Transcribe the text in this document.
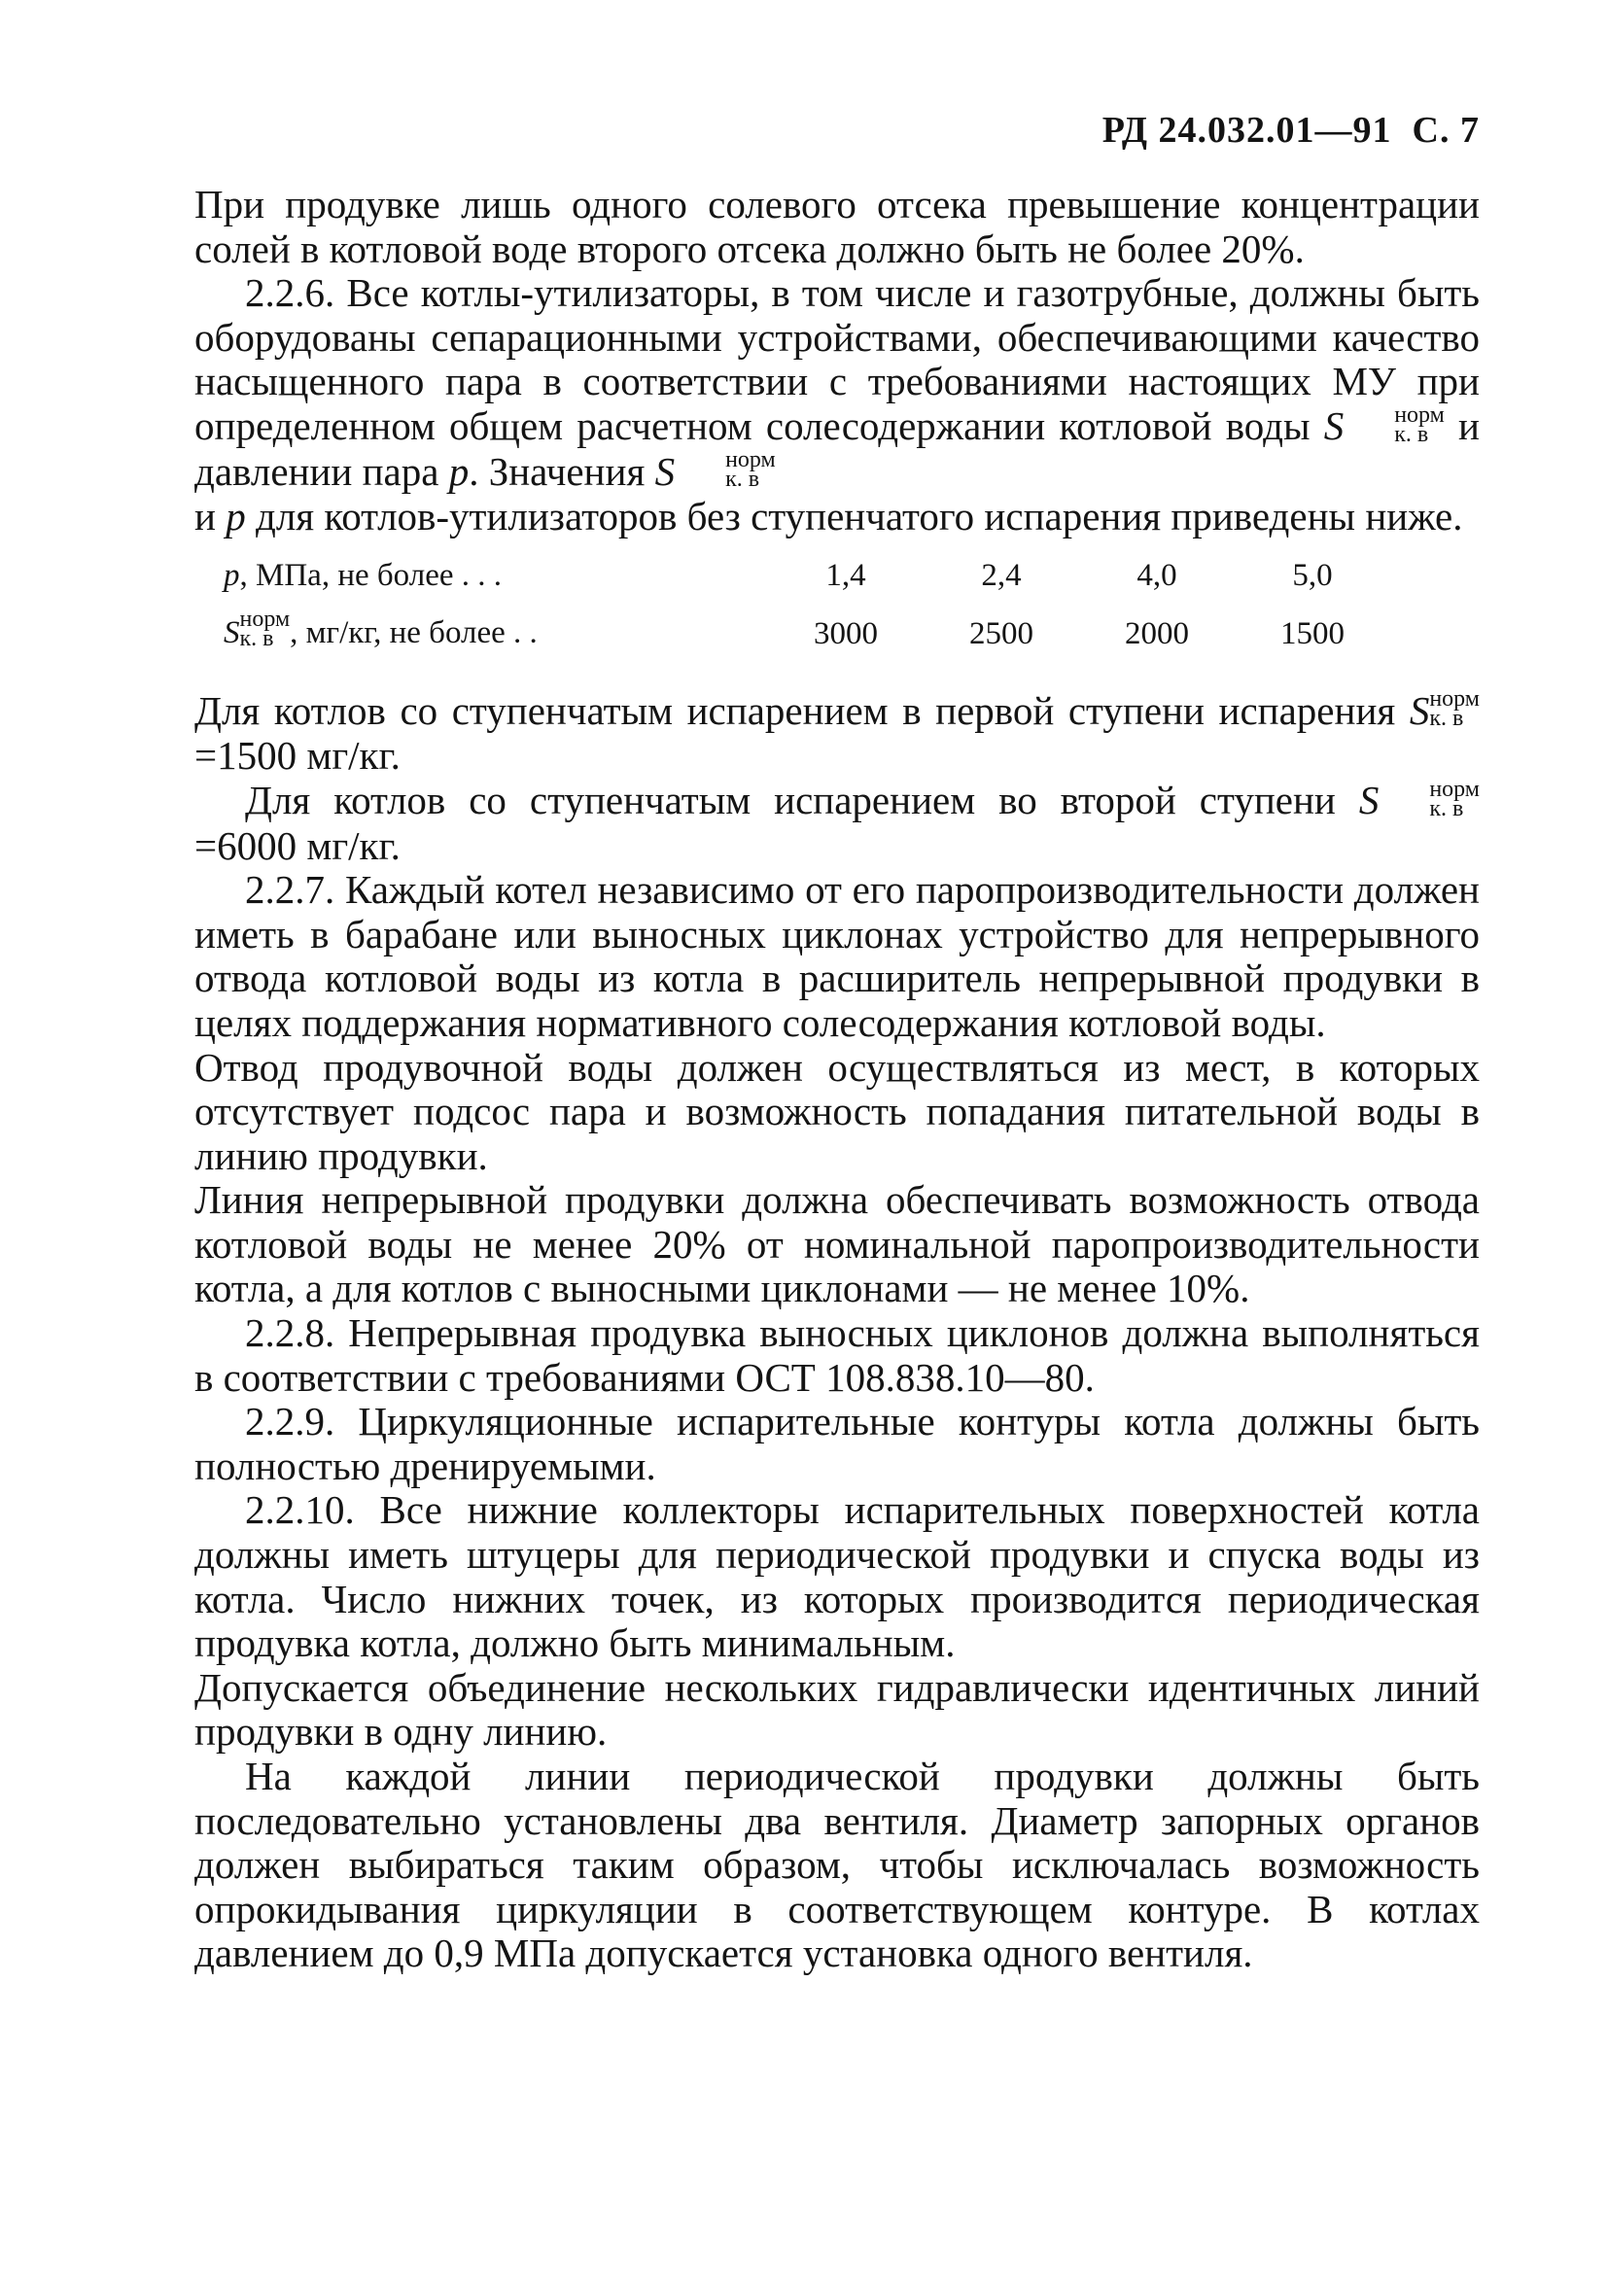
РД 24.032.01—91 С. 7

При продувке лишь одного солевого отсека превышение концентрации солей в котловой воде второго отсека должно быть не более 20%.

2.2.6. Все котлы-утилизаторы, в том числе и газотрубные, должны быть оборудованы сепарационными устройствами, обеспечивающими качество насыщенного пара в соответствии с требованиями настоящих МУ при определенном общем расчетном солесодержании котловой воды S	норм
к. в и давлении пара p. Значения S	норм
к. в

и p для котлов-утилизаторов без ступенчатого испарения приведены ниже.

p, МПа, не более . . .	1,4	2,4	4,0	5,0
S норм
к. в , мг/кг, не более . .	3000	2500	2000	1500

Для котлов со ступенчатым испарением в первой ступени испарения S норм
к. в
=1500 мг/кг.

Для котлов со ступенчатым испарением во второй ступени S	норм
к. в
=6000 мг/кг.

2.2.7. Каждый котел независимо от его паропроизводительности должен иметь в барабане или выносных циклонах устройство для непрерывного отвода котловой воды из котла в расширитель непрерывной продувки в целях поддержания нормативного солесодержания котловой воды.

Отвод продувочной воды должен осуществляться из мест, в которых отсутствует подсос пара и возможность попадания питательной воды в линию продувки.

Линия непрерывной продувки должна обеспечивать возможность отвода котловой воды не менее 20% от номинальной паропроизводительности котла, а для котлов с выносными циклонами — не менее 10%.

2.2.8. Непрерывная продувка выносных циклонов должна выполняться в соответствии с требованиями ОСТ 108.838.10—80.

2.2.9. Циркуляционные испарительные контуры котла должны быть полностью дренируемыми.

2.2.10. Все нижние коллекторы испарительных поверхностей котла должны иметь штуцеры для периодической продувки и спуска воды из котла. Число нижних точек, из которых производится периодическая продувка котла, должно быть минимальным.

Допускается объединение нескольких гидравлически идентичных линий продувки в одну линию.

На каждой линии периодической продувки должны быть последовательно установлены два вентиля. Диаметр запорных органов должен выбираться таким образом, чтобы исключалась возможность опрокидывания циркуляции в соответствующем контуре. В котлах давлением до 0,9 МПа допускается установка одного вентиля.
